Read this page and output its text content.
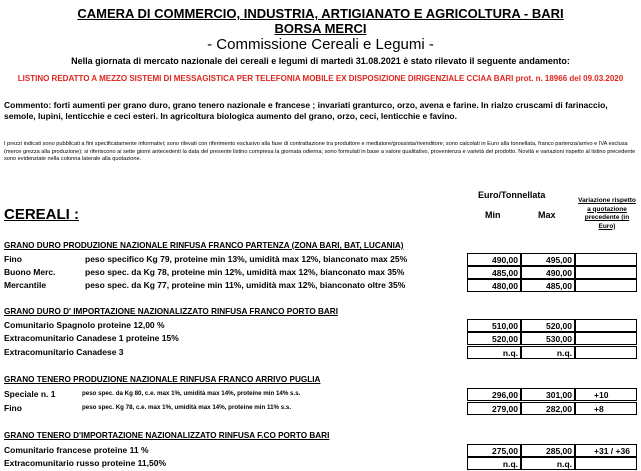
CAMERA DI COMMERCIO, INDUSTRIA, ARTIGIANATO E AGRICOLTURA - BARI
BORSA MERCI
- Commissione Cereali e Legumi -
Nella giornata di mercato nazionale dei cereali e legumi di martedì 31.08.2021 è stato rilevato il seguente andamento:
LISTINO REDATTO A MEZZO SISTEMI DI MESSAGISTICA PER TELEFONIA MOBILE EX DISPOSIZIONE DIRIGENZIALE CCIAA BARI prot. n. 18966 del 09.03.2020
Commento: forti aumenti per grano duro, grano tenero nazionale e francese ; invariati granturco, orzo, avena e farine. In rialzo cruscami di farinaccio, semole, lupini, lenticchie e ceci esteri. In agricoltura biologica aumento del grano, orzo, ceci, lenticchie e favino.
I prezzi indicati sono pubblicati a fini specificatamente informativi; sono rilevati con riferimento esclusivo alla fase di contrattazione tra produttore e mediatore/grossista/rivenditore; sono calcolati in Euro alla tonnellata, franco partenza/arrivo e IVA esclusa (merce grezza alla produzione); si riferiscono ai sette giorni antecedenti la data del presente listino compresa la giornata odierna; sono formulati in base a valore qualitativo, provenienza e varietà del prodotto. Novità e variazioni rispetto al listino precedente sono evidenziate nella colonna laterale alla quotazione.
CEREALI :
Euro/Tonnellata
Min	Max
Variazione rispetto a quotazione precedente (in Euro)
GRANO DURO PRODUZIONE NAZIONALE RINFUSA FRANCO PARTENZA (ZONA BARI, BAT, LUCANIA)
Fino	peso specifico Kg 79, proteine min 13%, umidità max 12%, bianconato max 25%	490,00	495,00
Buono Merc.	peso spec. da Kg 78, proteine min 12%, umidità max 12%, bianconato max 35%	485,00	490,00
Mercantile	peso spec. da Kg 77, proteine min 11%, umidità max 12%, bianconato oltre 35%	480,00	485,00
GRANO DURO D' IMPORTAZIONE NAZIONALIZZATO RINFUSA FRANCO PORTO BARI
Comunitario Spagnolo proteine 12,00 %	510,00	520,00
Extracomunitario Canadese 1 proteine 15%	520,00	530,00
Extracomunitario Canadese 3	n.q.	n.q.
GRANO TENERO PRODUZIONE NAZIONALE RINFUSA FRANCO ARRIVO PUGLIA
Speciale n. 1	peso spec. da Kg 80, c.e. max 1%, umidità max 14%, proteine min 14% s.s.	296,00	301,00	+10
Fino	peso spec. Kg 78, c.e. max 1%, umidità max 14%, proteine min 11% s.s.	279,00	282,00	+8
GRANO TENERO D'IMPORTAZIONE NAZIONALIZZATO RINFUSA F.CO PORTO BARI
Comunitario francese proteine 11 %	275,00	285,00	+31 / +36
Extracomunitario russo proteine 11,50%	n.q.	n.q.
